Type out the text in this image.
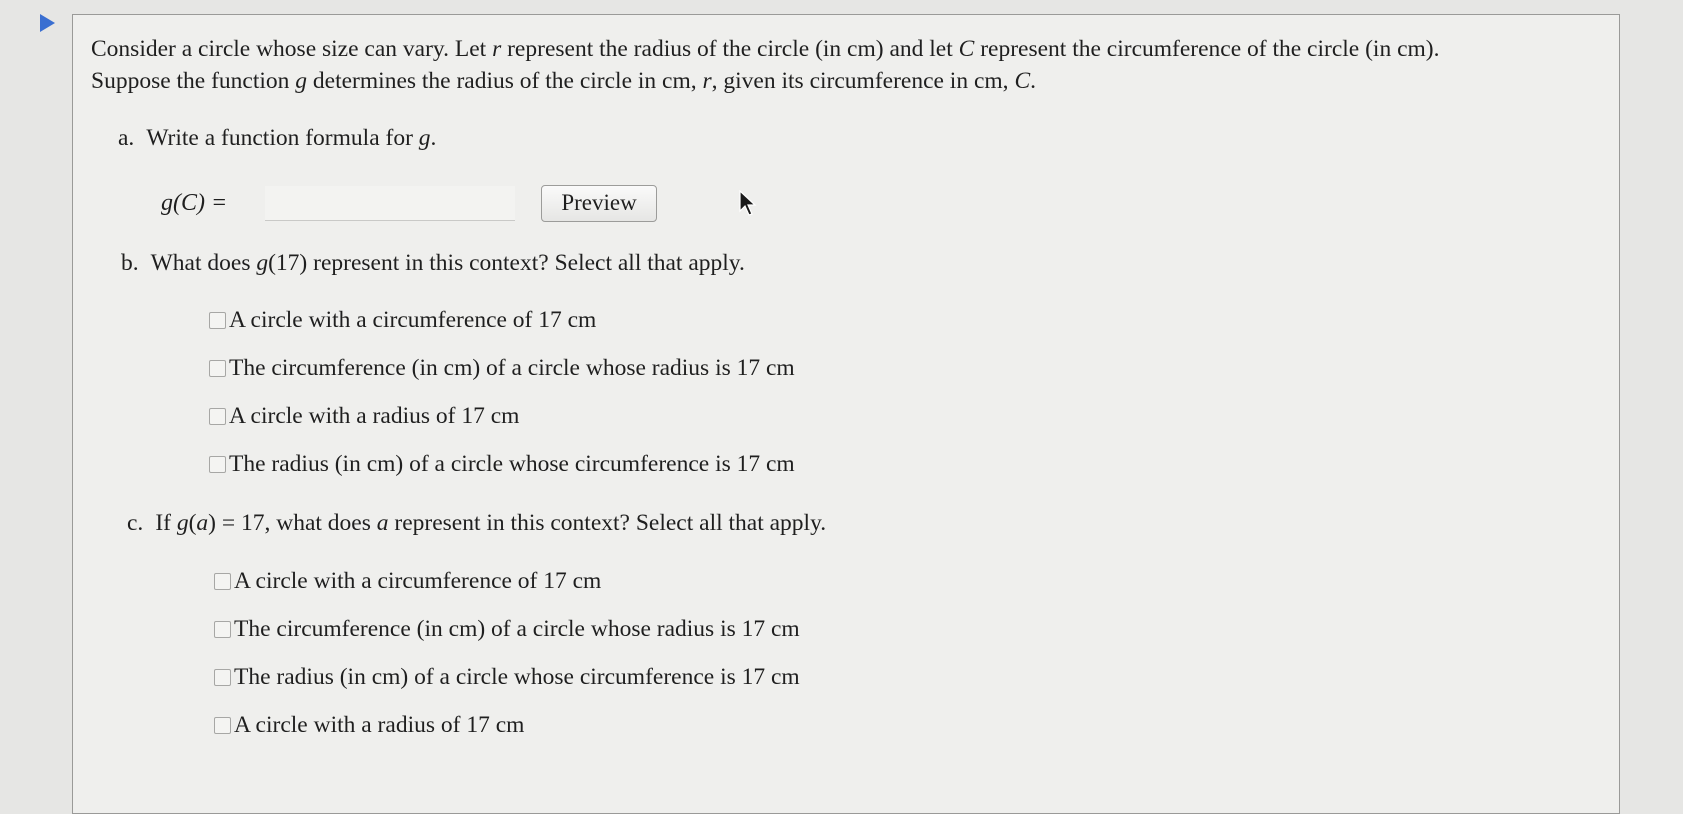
Consider a circle whose size can vary. Let r represent the radius of the circle (in cm) and let C represent the circumference of the circle (in cm).
Suppose the function g determines the radius of the circle in cm, r, given its circumference in cm, C.
a. Write a function formula for g.
g(C) =	Preview
b. What does g(17) represent in this context? Select all that apply.
A circle with a circumference of 17 cm
The circumference (in cm) of a circle whose radius is 17 cm
A circle with a radius of 17 cm
The radius (in cm) of a circle whose circumference is 17 cm
c. If g(a) = 17, what does a represent in this context? Select all that apply.
A circle with a circumference of 17 cm
The circumference (in cm) of a circle whose radius is 17 cm
The radius (in cm) of a circle whose circumference is 17 cm
A circle with a radius of 17 cm
